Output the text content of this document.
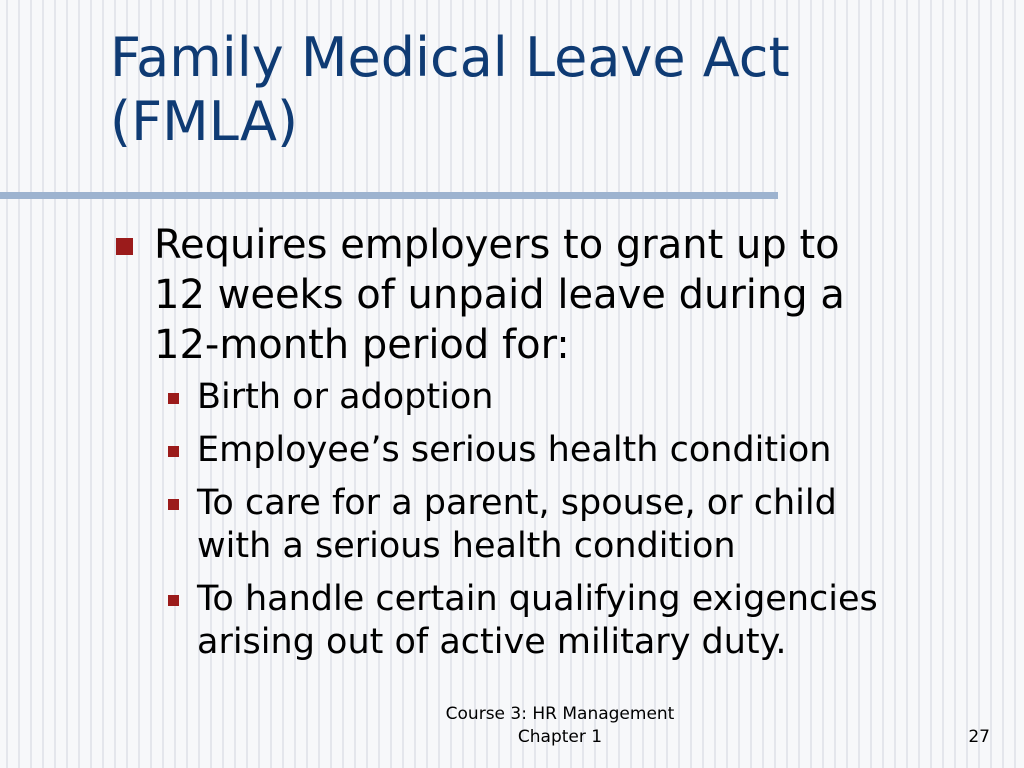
Family Medical Leave Act
(FMLA)
Requires employers to grant up to
12 weeks of unpaid leave during a
12-month period for:
Birth or adoption
Employee’s serious health condition
To care for a parent, spouse, or child
with a serious health condition
To handle certain qualifying exigencies
arising out of active military duty.
Course 3: HR Management
Chapter 1	27
